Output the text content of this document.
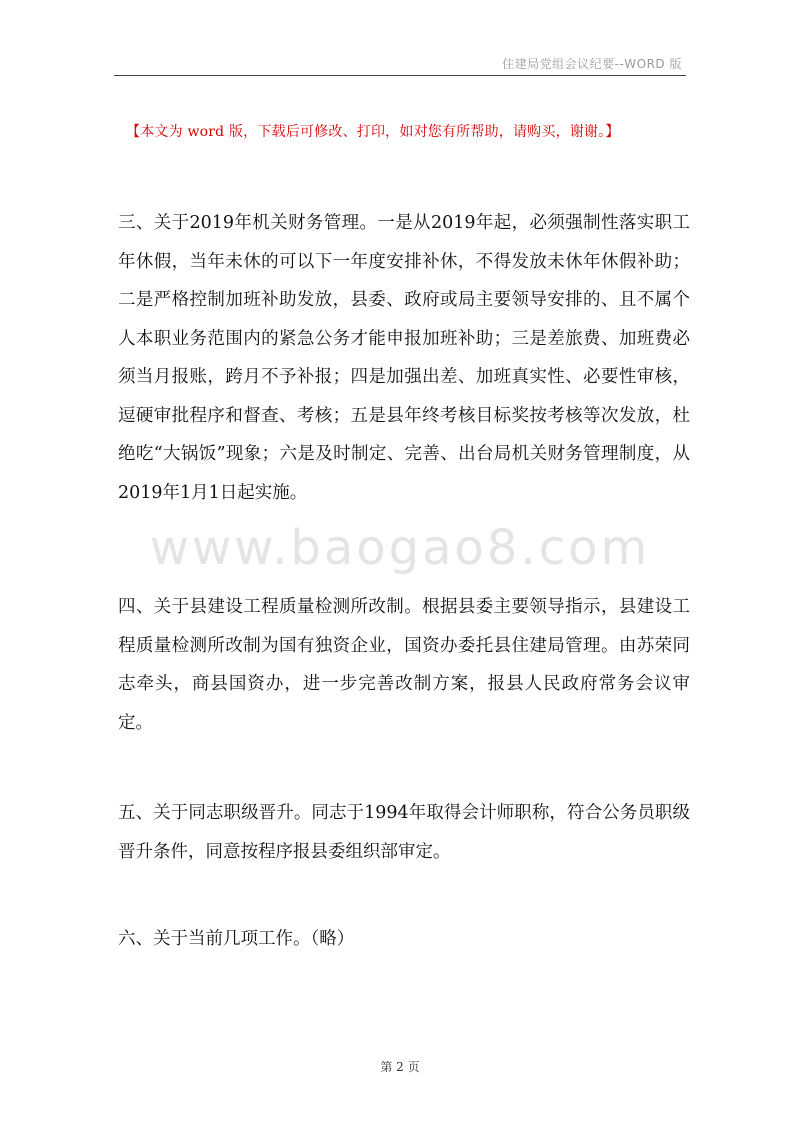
住建局党组会议纪要--WORD 版
【本文为 word 版，下载后可修改、打印，如对您有所帮助，请购买，谢谢。】
www.baogao8.com
三、关于2019年机关财务管理。一是从2019年起，必须强制性落实职工年休假，当年未休的可以下一年度安排补休，不得发放未休年休假补助；二是严格控制加班补助发放，县委、政府或局主要领导安排的、且不属个人本职业务范围内的紧急公务才能申报加班补助；三是差旅费、加班费必须当月报账，跨月不予补报；四是加强出差、加班真实性、必要性审核，逗硬审批程序和督查、考核；五是县年终考核目标奖按考核等次发放，杜绝吃“大锅饭”现象；六是及时制定、完善、出台局机关财务管理制度，从2019年1月1日起实施。
四、关于县建设工程质量检测所改制。根据县委主要领导指示，县建设工程质量检测所改制为国有独资企业，国资办委托县住建局管理。由苏荣同志牵头，商县国资办，进一步完善改制方案，报县人民政府常务会议审定。
五、关于同志职级晋升。同志于1994年取得会计师职称，符合公务员职级晋升条件，同意按程序报县委组织部审定。
六、关于当前几项工作。（略）
第 2 页
